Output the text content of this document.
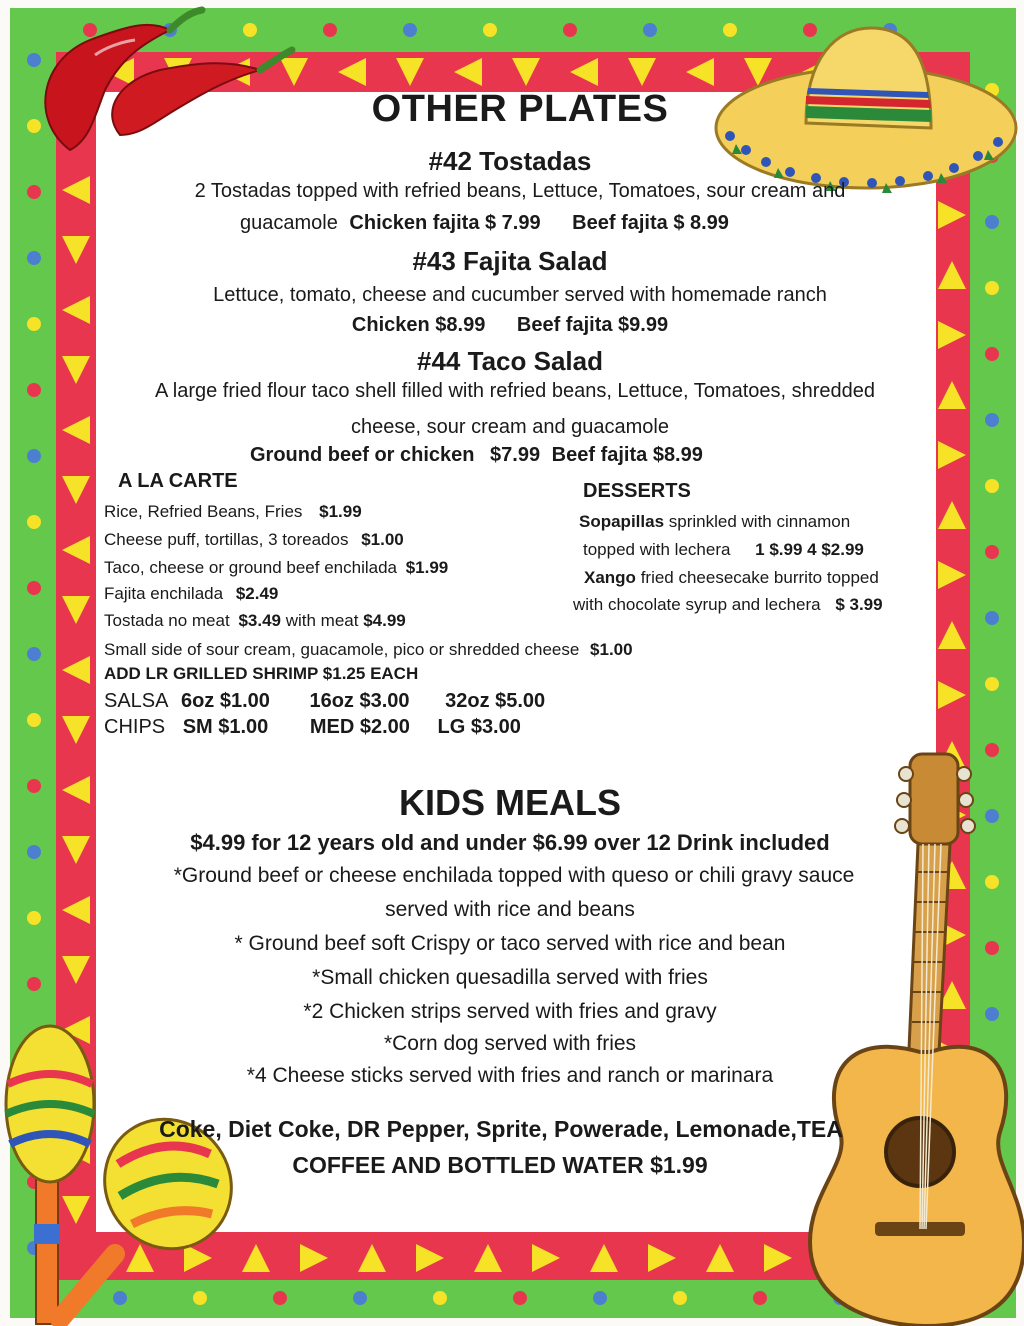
OTHER PLATES
#42 Tostadas
2 Tostadas topped with refried beans, Lettuce, Tomatoes, sour cream and
guacamole Chicken fajita $ 7.99 Beef fajita $ 8.99
#43 Fajita Salad
Lettuce, tomato, cheese and cucumber served with homemade ranch
Chicken $8.99 Beef fajita $9.99
#44 Taco Salad
A large fried flour taco shell filled with refried beans, Lettuce, Tomatoes, shredded
cheese, sour cream and guacamole
Ground beef or chicken $7.99 Beef fajita $8.99
A LA CARTE
Rice, Refried Beans, Fries $1.99
Cheese puff, tortillas, 3 toreados $1.00
Taco, cheese or ground beef enchilada $1.99
Fajita enchilada $2.49
Tostada no meat $3.49 with meat $4.99
Small side of sour cream, guacamole, pico or shredded cheese $1.00
ADD LR GRILLED SHRIMP $1.25 EACH
SALSA 6oz $1.00 16oz $3.00 32oz $5.00
CHIPS SM $1.00 MED $2.00 LG $3.00
DESSERTS
Sopapillas sprinkled with cinnamon
topped with lechera 1 $.99 4 $2.99
Xango fried cheesecake burrito topped
with chocolate syrup and lechera $ 3.99
KIDS MEALS
$4.99 for 12 years old and under $6.99 over 12 Drink included
*Ground beef or cheese enchilada topped with queso or chili gravy sauce
served with rice and beans
* Ground beef soft Crispy or taco served with rice and bean
*Small chicken quesadilla served with fries
*2 Chicken strips served with fries and gravy
*Corn dog served with fries
*4 Cheese sticks served with fries and ranch or marinara
Coke, Diet Coke, DR Pepper, Sprite, Powerade, Lemonade,TEA
COFFEE AND BOTTLED WATER $1.99
